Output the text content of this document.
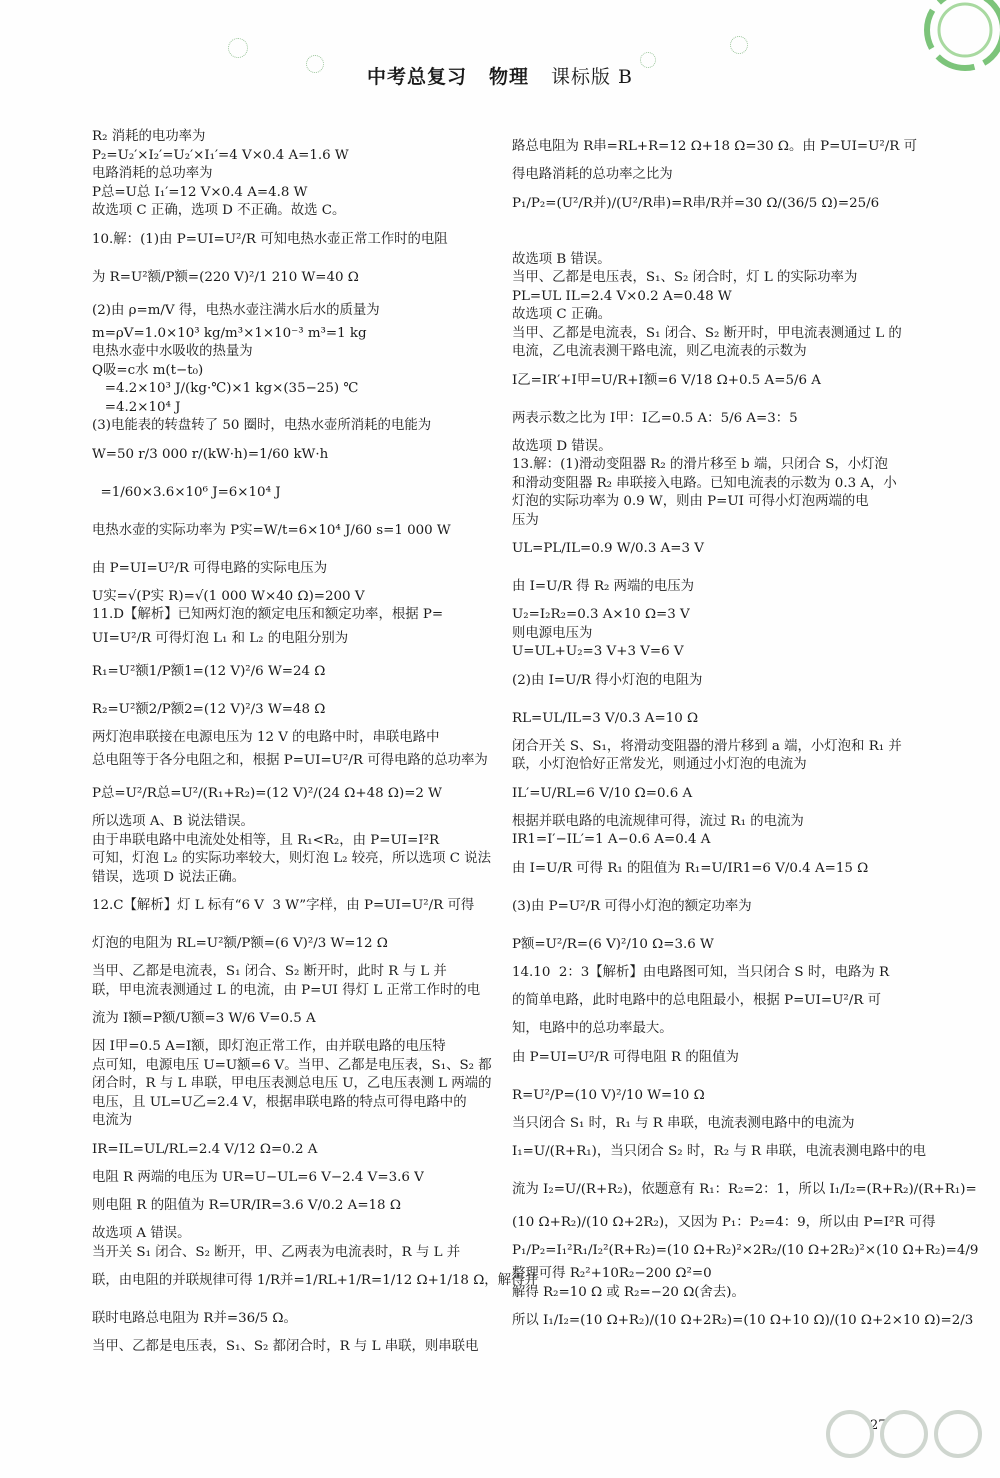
中考总复习 物理 课标版 B
R₂ 消耗的电功率为
P₂=U₂′×I₂′=U₂′×I₁′=4 V×0.4 A=1.6 W
电路消耗的总功率为
P总=U总 I₁′=12 V×0.4 A=4.8 W
故选项 C 正确，选项 D 不正确。故选 C。
10.解：(1)由 P=UI=U²/R 可知电热水壶正常工作时的电阻
为 R=U²额/P额=(220 V)²/1 210 W=40 Ω
(2)由 ρ=m/V 得，电热水壶注满水后水的质量为
m=ρV=1.0×10³ kg/m³×1×10⁻³ m³=1 kg
电热水壶中水吸收的热量为
Q吸=c水 m(t−t₀)
=4.2×10³ J/(kg·℃)×1 kg×(35−25) ℃
=4.2×10⁴ J
(3)电能表的转盘转了 50 圈时，电热水壶所消耗的电能为
W=50 r/3 000 r/(kW·h)=1/60 kW·h
=1/60×3.6×10⁶ J=6×10⁴ J
电热水壶的实际功率为 P实=W/t=6×10⁴ J/60 s=1 000 W
由 P=UI=U²/R 可得电路的实际电压为
U实=√(P实 R)=√(1 000 W×40 Ω)=200 V
11.D【解析】已知两灯泡的额定电压和额定功率，根据 P=
UI=U²/R 可得灯泡 L₁ 和 L₂ 的电阻分别为
R₁=U²额1/P额1=(12 V)²/6 W=24 Ω
R₂=U²额2/P额2=(12 V)²/3 W=48 Ω
两灯泡串联接在电源电压为 12 V 的电路中时，串联电路中
总电阻等于各分电阻之和，根据 P=UI=U²/R 可得电路的总功率为
P总=U²/R总=U²/(R₁+R₂)=(12 V)²/(24 Ω+48 Ω)=2 W
所以选项 A、B 说法错误。
由于串联电路中电流处处相等，且 R₁<R₂，由 P=UI=I²R
可知，灯泡 L₂ 的实际功率较大，则灯泡 L₂ 较亮，所以选项 C 说法
错误，选项 D 说法正确。
12.C【解析】灯 L 标有“6 V  3 W”字样，由 P=UI=U²/R 可得
灯泡的电阻为 RL=U²额/P额=(6 V)²/3 W=12 Ω
当甲、乙都是电流表，S₁ 闭合、S₂ 断开时，此时 R 与 L 并
联，甲电流表测通过 L 的电流，由 P=UI 得灯 L 正常工作时的电
流为 I额=P额/U额=3 W/6 V=0.5 A
因 I甲=0.5 A=I额，即灯泡正常工作，由并联电路的电压特
点可知，电源电压 U=U额=6 V。当甲、乙都是电压表，S₁、S₂ 都
闭合时，R 与 L 串联，甲电压表测总电压 U，乙电压表测 L 两端的
电压，且 UL=U乙=2.4 V，根据串联电路的特点可得电路中的
电流为
IR=IL=UL/RL=2.4 V/12 Ω=0.2 A
电阻 R 两端的电压为 UR=U−UL=6 V−2.4 V=3.6 V
则电阻 R 的阻值为 R=UR/IR=3.6 V/0.2 A=18 Ω
故选项 A 错误。
当开关 S₁ 闭合、S₂ 断开，甲、乙两表为电流表时，R 与 L 并
联，由电阻的并联规律可得 1/R并=1/RL+1/R=1/12 Ω+1/18 Ω，解得并
联时电路总电阻为 R并=36/5 Ω。
当甲、乙都是电压表，S₁、S₂ 都闭合时，R 与 L 串联，则串联电
路总电阻为 R串=RL+R=12 Ω+18 Ω=30 Ω。由 P=UI=U²/R 可
得电路消耗的总功率之比为
P₁/P₂=(U²/R并)/(U²/R串)=R串/R并=30 Ω/(36/5 Ω)=25/6
故选项 B 错误。
当甲、乙都是电压表，S₁、S₂ 闭合时，灯 L 的实际功率为
PL=UL IL=2.4 V×0.2 A=0.48 W
故选项 C 正确。
当甲、乙都是电流表，S₁ 闭合、S₂ 断开时，甲电流表测通过 L 的
电流，乙电流表测干路电流，则乙电流表的示数为
I乙=IR′+I甲=U/R+I额=6 V/18 Ω+0.5 A=5/6 A
两表示数之比为 I甲：I乙=0.5 A：5/6 A=3：5
故选项 D 错误。
13.解：(1)滑动变阻器 R₂ 的滑片移至 b 端，只闭合 S，小灯泡
和滑动变阻器 R₂ 串联接入电路。已知电流表的示数为 0.3 A，小
灯泡的实际功率为 0.9 W，则由 P=UI 可得小灯泡两端的电
压为
UL=PL/IL=0.9 W/0.3 A=3 V
由 I=U/R 得 R₂ 两端的电压为
U₂=I₂R₂=0.3 A×10 Ω=3 V
则电源电压为
U=UL+U₂=3 V+3 V=6 V
(2)由 I=U/R 得小灯泡的电阻为
RL=UL/IL=3 V/0.3 A=10 Ω
闭合开关 S、S₁，将滑动变阻器的滑片移到 a 端，小灯泡和 R₁ 并
联，小灯泡恰好正常发光，则通过小灯泡的电流为
IL′=U/RL=6 V/10 Ω=0.6 A
根据并联电路的电流规律可得，流过 R₁ 的电流为
IR1=I′−IL′=1 A−0.6 A=0.4 A
由 I=U/R 可得 R₁ 的阻值为 R₁=U/IR1=6 V/0.4 A=15 Ω
(3)由 P=U²/R 可得小灯泡的额定功率为
P额=U²/R=(6 V)²/10 Ω=3.6 W
14.10  2：3【解析】由电路图可知，当只闭合 S 时，电路为 R
的简单电路，此时电路中的总电阻最小，根据 P=UI=U²/R 可
知，电路中的总功率最大。
由 P=UI=U²/R 可得电阻 R 的阻值为
R=U²/P=(10 V)²/10 W=10 Ω
当只闭合 S₁ 时，R₁ 与 R 串联，电流表测电路中的电流为
I₁=U/(R+R₁)，当只闭合 S₂ 时，R₂ 与 R 串联，电流表测电路中的电
流为 I₂=U/(R+R₂)，依题意有 R₁：R₂=2：1，所以 I₁/I₂=(R+R₂)/(R+R₁)=
(10 Ω+R₂)/(10 Ω+2R₂)，又因为 P₁：P₂=4：9，所以由 P=I²R 可得
P₁/P₂=I₁²R₁/I₂²(R+R₂)=(10 Ω+R₂)²×2R₂/(10 Ω+2R₂)²×(10 Ω+R₂)=4/9
整理可得 R₂²+10R₂−200 Ω²=0
解得 R₂=10 Ω 或 R₂=−20 Ω(舍去)。
所以 I₁/I₂=(10 Ω+R₂)/(10 Ω+2R₂)=(10 Ω+10 Ω)/(10 Ω+2×10 Ω)=2/3
27
